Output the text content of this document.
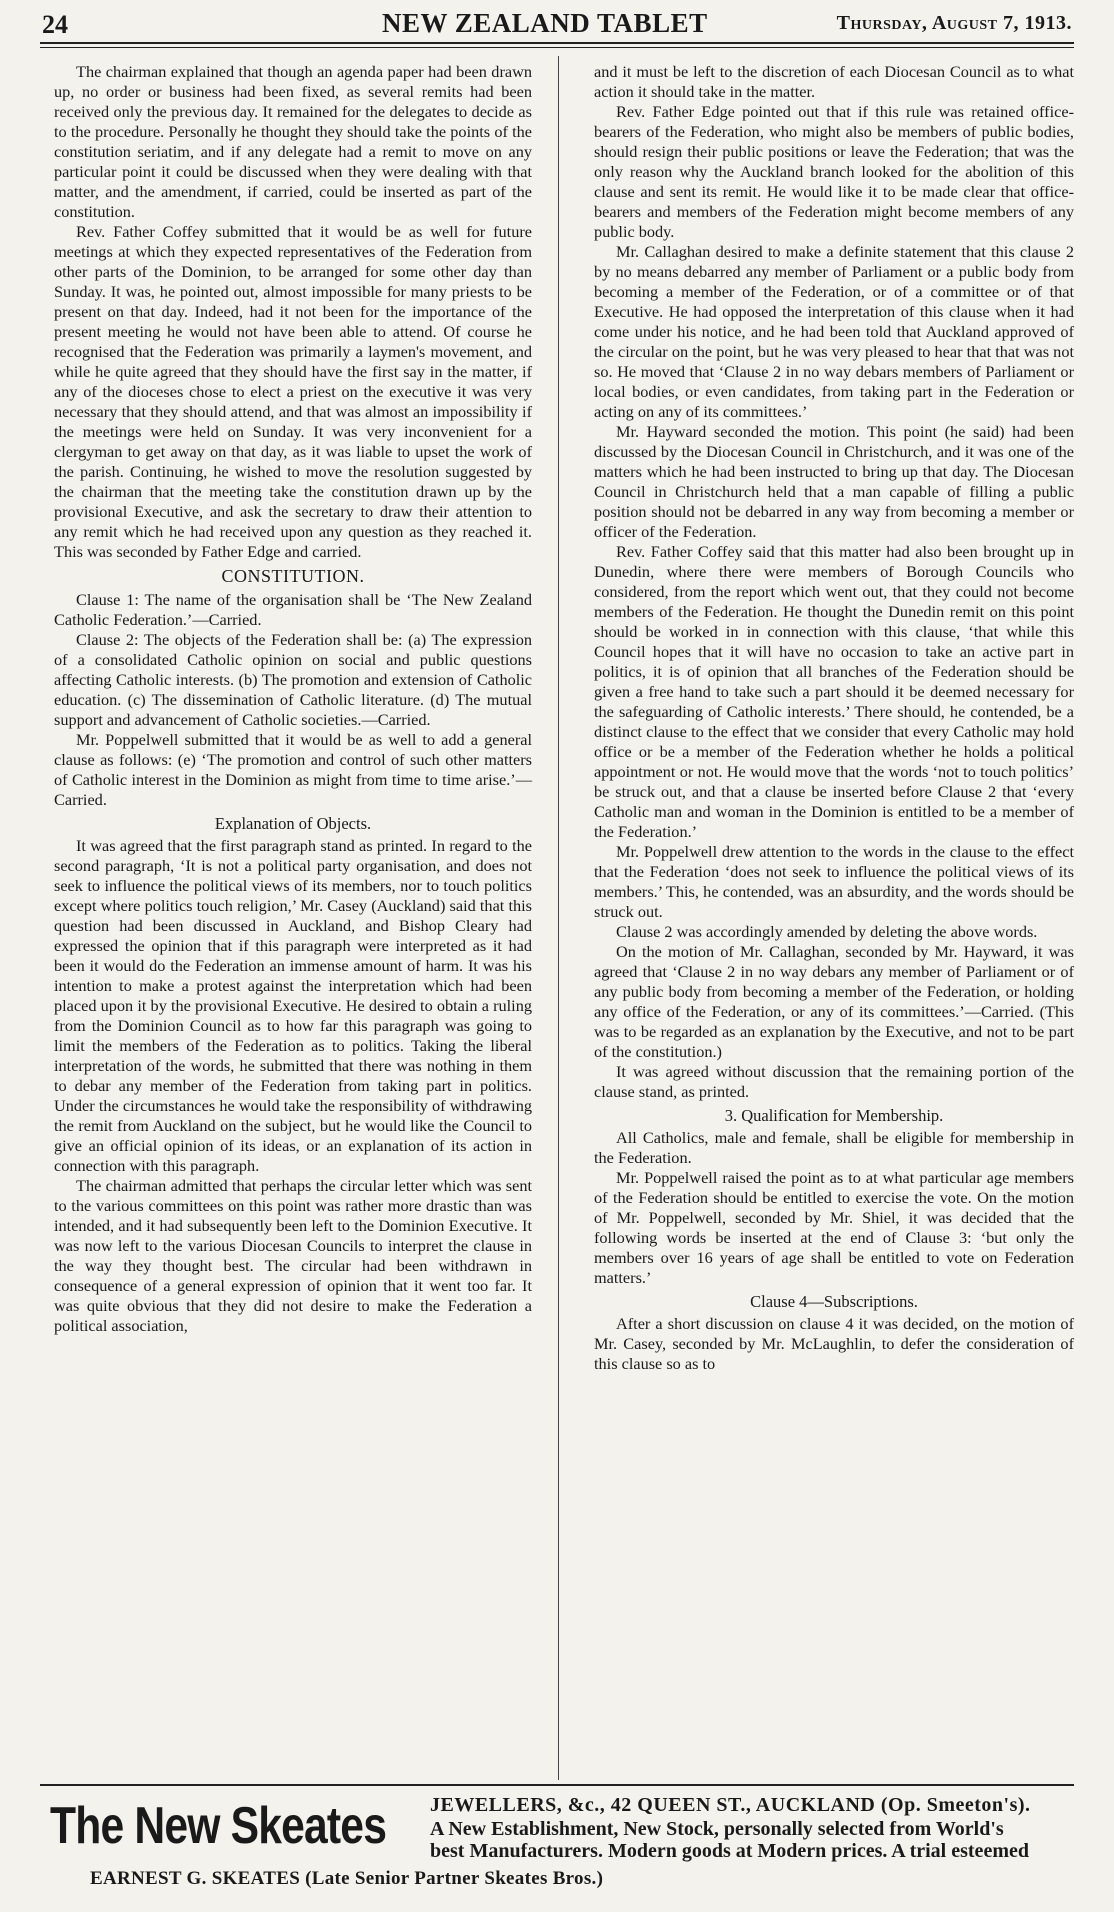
24	NEW ZEALAND TABLET	Thursday, August 7, 1913.

The chairman explained that though an agenda paper had been drawn up, no order or business had been fixed, as several remits had been received only the previous day. It remained for the delegates to decide as to the procedure. Personally he thought they should take the points of the constitution seriatim, and if any delegate had a remit to move on any particular point it could be discussed when they were dealing with that matter, and the amendment, if carried, could be inserted as part of the constitution.

Rev. Father Coffey submitted that it would be as well for future meetings at which they expected representatives of the Federation from other parts of the Dominion, to be arranged for some other day than Sunday. It was, he pointed out, almost impossible for many priests to be present on that day. Indeed, had it not been for the importance of the present meeting he would not have been able to attend. Of course he recognised that the Federation was primarily a laymen's movement, and while he quite agreed that they should have the first say in the matter, if any of the dioceses chose to elect a priest on the executive it was very necessary that they should attend, and that was almost an impossibility if the meetings were held on Sunday. It was very inconvenient for a clergyman to get away on that day, as it was liable to upset the work of the parish. Continuing, he wished to move the resolution suggested by the chairman that the meeting take the constitution drawn up by the provisional Executive, and ask the secretary to draw their attention to any remit which he had received upon any question as they reached it. This was seconded by Father Edge and carried.

CONSTITUTION.

Clause 1: The name of the organisation shall be ‘The New Zealand Catholic Federation.’—Carried.

Clause 2: The objects of the Federation shall be: (a) The expression of a consolidated Catholic opinion on social and public questions affecting Catholic interests. (b) The promotion and extension of Catholic education. (c) The dissemination of Catholic literature. (d) The mutual support and advancement of Catholic societies.—Carried.

Mr. Poppelwell submitted that it would be as well to add a general clause as follows: (e) ‘The promotion and control of such other matters of Catholic interest in the Dominion as might from time to time arise.’—Carried.

Explanation of Objects.

It was agreed that the first paragraph stand as printed. In regard to the second paragraph, ‘It is not a political party organisation, and does not seek to influence the political views of its members, nor to touch politics except where politics touch religion,’ Mr. Casey (Auckland) said that this question had been discussed in Auckland, and Bishop Cleary had expressed the opinion that if this paragraph were interpreted as it had been it would do the Federation an immense amount of harm. It was his intention to make a protest against the interpretation which had been placed upon it by the provisional Executive. He desired to obtain a ruling from the Dominion Council as to how far this paragraph was going to limit the members of the Federation as to politics. Taking the liberal interpretation of the words, he submitted that there was nothing in them to debar any member of the Federation from taking part in politics. Under the circumstances he would take the responsibility of withdrawing the remit from Auckland on the subject, but he would like the Council to give an official opinion of its ideas, or an explanation of its action in connection with this paragraph.

The chairman admitted that perhaps the circular letter which was sent to the various committees on this point was rather more drastic than was intended, and it had subsequently been left to the Dominion Executive. It was now left to the various Diocesan Councils to interpret the clause in the way they thought best. The circular had been withdrawn in consequence of a general expression of opinion that it went too far. It was quite obvious that they did not desire to make the Federation a political association,

and it must be left to the discretion of each Diocesan Council as to what action it should take in the matter.

Rev. Father Edge pointed out that if this rule was retained office-bearers of the Federation, who might also be members of public bodies, should resign their public positions or leave the Federation; that was the only reason why the Auckland branch looked for the abolition of this clause and sent its remit. He would like it to be made clear that office-bearers and members of the Federation might become members of any public body.

Mr. Callaghan desired to make a definite statement that this clause 2 by no means debarred any member of Parliament or a public body from becoming a member of the Federation, or of a committee or of that Executive. He had opposed the interpretation of this clause when it had come under his notice, and he had been told that Auckland approved of the circular on the point, but he was very pleased to hear that that was not so. He moved that ‘Clause 2 in no way debars members of Parliament or local bodies, or even candidates, from taking part in the Federation or acting on any of its committees.’

Mr. Hayward seconded the motion. This point (he said) had been discussed by the Diocesan Council in Christchurch, and it was one of the matters which he had been instructed to bring up that day. The Diocesan Council in Christchurch held that a man capable of filling a public position should not be debarred in any way from becoming a member or officer of the Federation.

Rev. Father Coffey said that this matter had also been brought up in Dunedin, where there were members of Borough Councils who considered, from the report which went out, that they could not become members of the Federation. He thought the Dunedin remit on this point should be worked in in connection with this clause, ‘that while this Council hopes that it will have no occasion to take an active part in politics, it is of opinion that all branches of the Federation should be given a free hand to take such a part should it be deemed necessary for the safeguarding of Catholic interests.’ There should, he contended, be a distinct clause to the effect that we consider that every Catholic may hold office or be a member of the Federation whether he holds a political appointment or not. He would move that the words ‘not to touch politics’ be struck out, and that a clause be inserted before Clause 2 that ‘every Catholic man and woman in the Dominion is entitled to be a member of the Federation.’

Mr. Poppelwell drew attention to the words in the clause to the effect that the Federation ‘does not seek to influence the political views of its members.’ This, he contended, was an absurdity, and the words should be struck out.

Clause 2 was accordingly amended by deleting the above words.

On the motion of Mr. Callaghan, seconded by Mr. Hayward, it was agreed that ‘Clause 2 in no way debars any member of Parliament or of any public body from becoming a member of the Federation, or holding any office of the Federation, or any of its committees.’—Carried. (This was to be regarded as an explanation by the Executive, and not to be part of the constitution.)

It was agreed without discussion that the remaining portion of the clause stand, as printed.

3. Qualification for Membership.

All Catholics, male and female, shall be eligible for membership in the Federation.

Mr. Poppelwell raised the point as to at what particular age members of the Federation should be entitled to exercise the vote. On the motion of Mr. Poppelwell, seconded by Mr. Shiel, it was decided that the following words be inserted at the end of Clause 3: ‘but only the members over 16 years of age shall be entitled to vote on Federation matters.’

Clause 4—Subscriptions.

After a short discussion on clause 4 it was decided, on the motion of Mr. Casey, seconded by Mr. McLaughlin, to defer the consideration of this clause so as to

The New Skeates JEWELLERS, &c., 42 QUEEN ST., AUCKLAND (Op. Smeeton's).
A New Establishment, New Stock, personally selected from World's
best Manufacturers. Modern goods at Modern prices. A trial esteemed
EARNEST G. SKEATES (Late Senior Partner Skeates Bros.)
